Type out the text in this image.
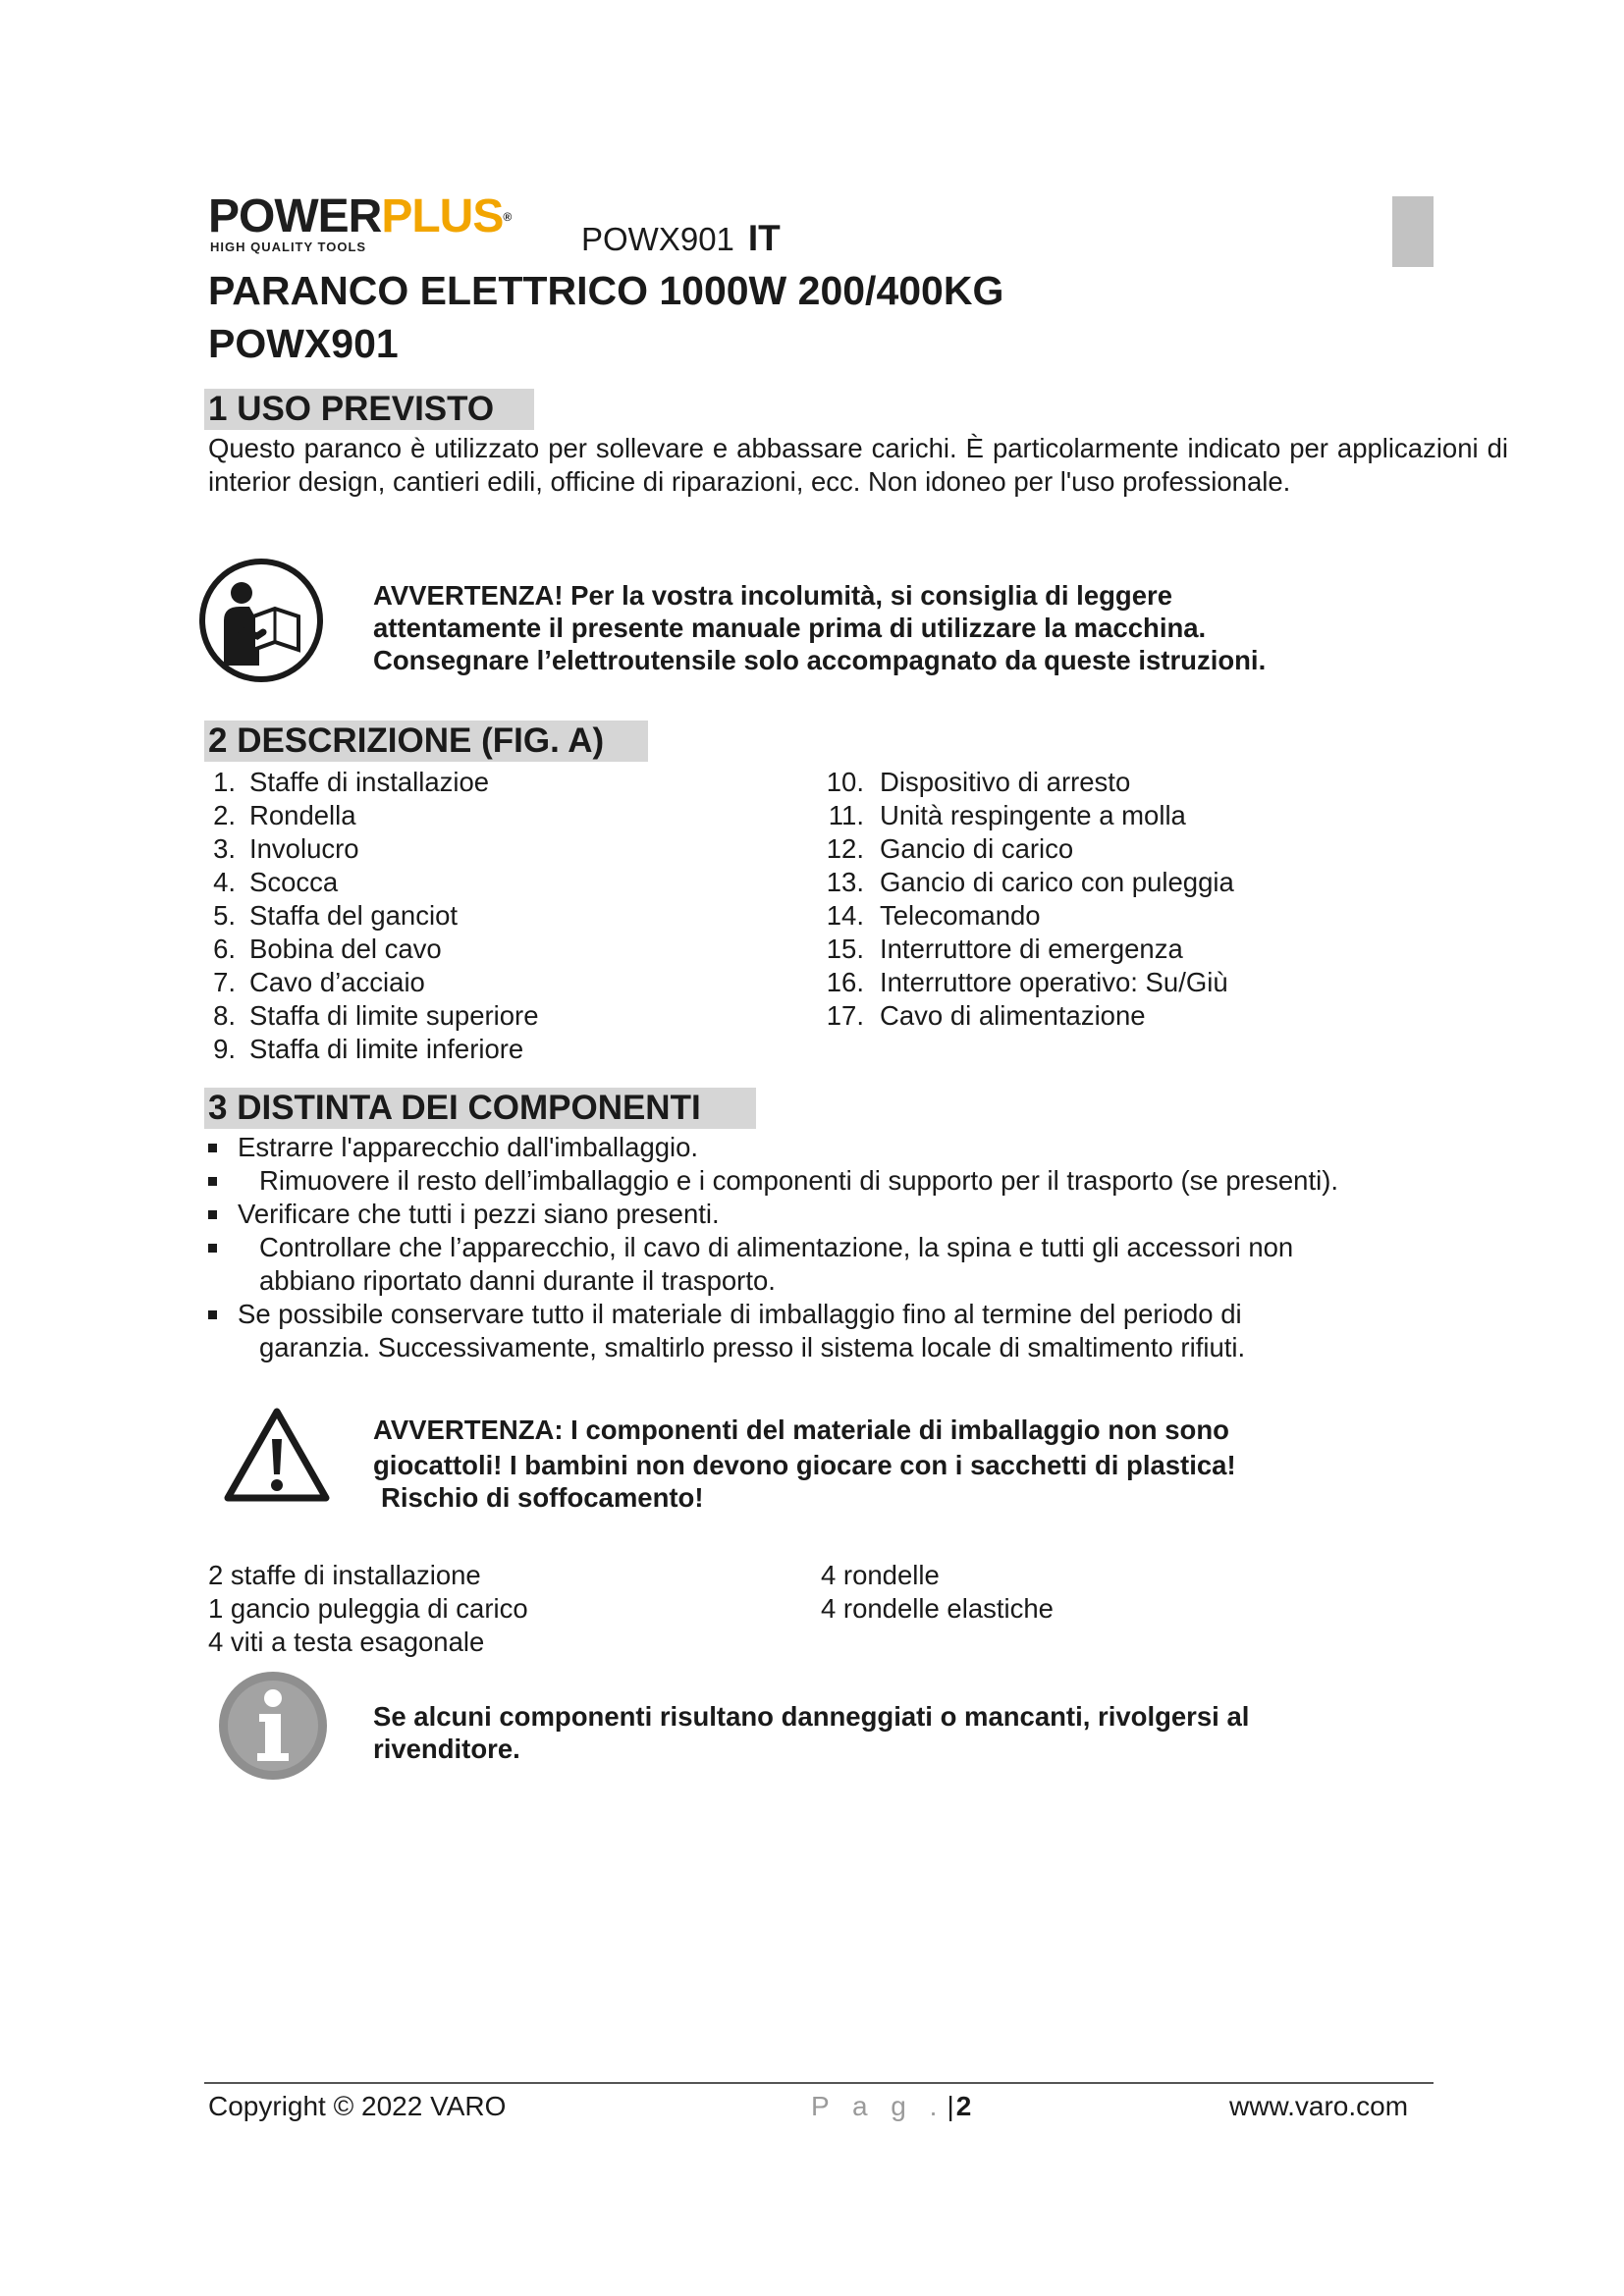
POWERPLUS®
HIGH QUALITY TOOLS	POWX901 IT
PARANCO ELETTRICO 1000W 200/400KG
POWX901
1 USO PREVISTO
Questo paranco è utilizzato per sollevare e abbassare carichi. È particolarmente indicato per applicazioni di interior design, cantieri edili, officine di riparazioni, ecc. Non idoneo per l'uso professionale.
AVVERTENZA! Per la vostra incolumità, si consiglia di leggere
attentamente il presente manuale prima di utilizzare la macchina.
Consegnare l’elettroutensile solo accompagnato da queste istruzioni.
2 DESCRIZIONE (FIG. A)
1. Staffe di installazioe
2. Rondella
3. Involucro
4. Scocca
5. Staffa del ganciot
6. Bobina del cavo
7. Cavo d’acciaio
8. Staffa di limite superiore
9. Staffa di limite inferiore
10. Dispositivo di arresto
11. Unità respingente a molla
12. Gancio di carico
13. Gancio di carico con puleggia
14. Telecomando
15. Interruttore di emergenza
16. Interruttore operativo: Su/Giù
17. Cavo di alimentazione
3 DISTINTA DEI COMPONENTI
Estrarre l'apparecchio dall'imballaggio.
Rimuovere il resto dell’imballaggio e i componenti di supporto per il trasporto (se presenti).
Verificare che tutti i pezzi siano presenti.
Controllare che l’apparecchio, il cavo di alimentazione, la spina e tutti gli accessori non
abbiano riportato danni durante il trasporto.
Se possibile conservare tutto il materiale di imballaggio fino al termine del periodo di
garanzia. Successivamente, smaltirlo presso il sistema locale di smaltimento rifiuti.
AVVERTENZA: I componenti del materiale di imballaggio non sono
giocattoli! I bambini non devono giocare con i sacchetti di plastica!
Rischio di soffocamento!
2 staffe di installazione
1 gancio puleggia di carico
4 viti a testa esagonale
4 rondelle
4 rondelle elastiche
Se alcuni componenti risultano danneggiati o mancanti, rivolgersi al
rivenditore.
Copyright © 2022 VARO	P a g .|2	www.varo.com
